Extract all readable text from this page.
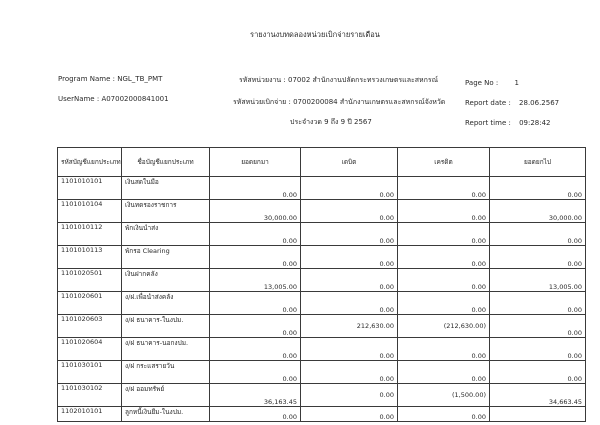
รายงานงบทดลองหน่วยเบิกจ่ายรายเดือน
Program Name : NGL_TB_PMT
UserName : A07002000841001
รหัสหน่วยงาน : 07002 สำนักงานปลัดกระทรวงเกษตรและสหกรณ์
รหัสหน่วยเบิกจ่าย : 0700200084 สำนักงานเกษตรและสหกรณ์จังหวัด
ประจำงวด 9 ถึง 9 ปี 2567
Page No : 1
Report date : 28.06.2567
Report time : 09:28:42
รหัสบัญชีแยกประเภท	ชื่อบัญชีแยกประเภท	ยอดยกมา	เดบิต	เครดิต	ยอดยกไป
1101010101	เงินสดในมือ	0.00	0.00	0.00	0.00
1101010104	เงินทดรองราชการ	30,000.00	0.00	0.00	30,000.00
1101010112	พักเงินนำส่ง	0.00	0.00	0.00	0.00
1101010113	พักรอ Clearing	0.00	0.00	0.00	0.00
1101020501	เงินฝากคลัง	13,005.00	0.00	0.00	13,005.00
1101020601	ง/ฝ.เพื่อนำส่งคลัง	0.00	0.00	0.00	0.00
1101020603	ง/ฝ ธนาคาร-ในงปม.	0.00	212,630.00	(212,630.00)	0.00
1101020604	ง/ฝ ธนาคาร-นอกงปม.	0.00	0.00	0.00	0.00
1101030101	ง/ฝ กระแสรายวัน	0.00	0.00	0.00	0.00
1101030102	ง/ฝ ออมทรัพย์	36,163.45	0.00	(1,500.00)	34,663.45
1102010101	ลูกหนี้เงินยืม-ในงปม.	0.00	0.00	0.00	
